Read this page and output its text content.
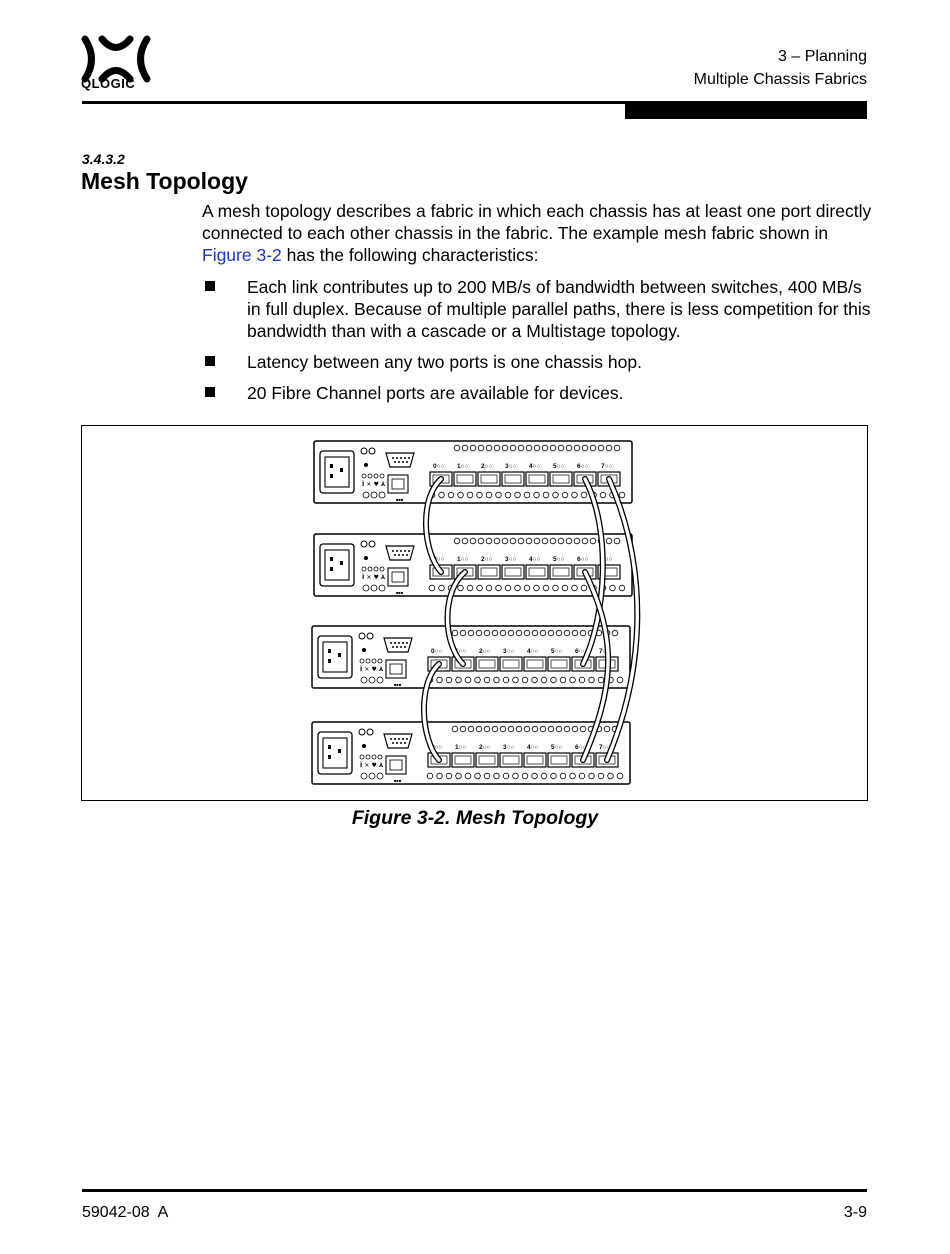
QLOGIC
3 – Planning
Multiple Chassis Fabrics
3.4.3.2
Mesh Topology

A mesh topology describes a fabric in which each chassis has at least one port directly connected to each other chassis in the fabric. The example mesh fabric shown in Figure 3-2 has the following characteristics:

Each link contributes up to 200 MB/s of bandwidth between switches, 400 MB/s in full duplex. Because of multiple parallel paths, there is less competition for this bandwidth than with a cascade or a Multistage topology.
Latency between any two ports is one chassis hop.
20 Fibre Channel ports are available for devices.
Ì ✕ ♥ ⅄
0○○ 1○○ 2○○ 3○○ 4○○ 5○○ 6○○ 7○○
■■■
Ì ✕ ♥ ⅄
0○○ 1○○ 2○○ 3○○ 4○○ 5○○ 6○○ 7○○
■■■
Ì ✕ ♥ ⅄
0○○ 1○○ 2○○ 3○○ 4○○ 5○○ 6○○ 7○○
■■■
Ì ✕ ♥ ⅄
0○○ 1○○ 2○○ 3○○ 4○○ 5○○ 6○○ 7○○
■■■
Figure 3-2. Mesh Topology
59042-08  A	3-9
